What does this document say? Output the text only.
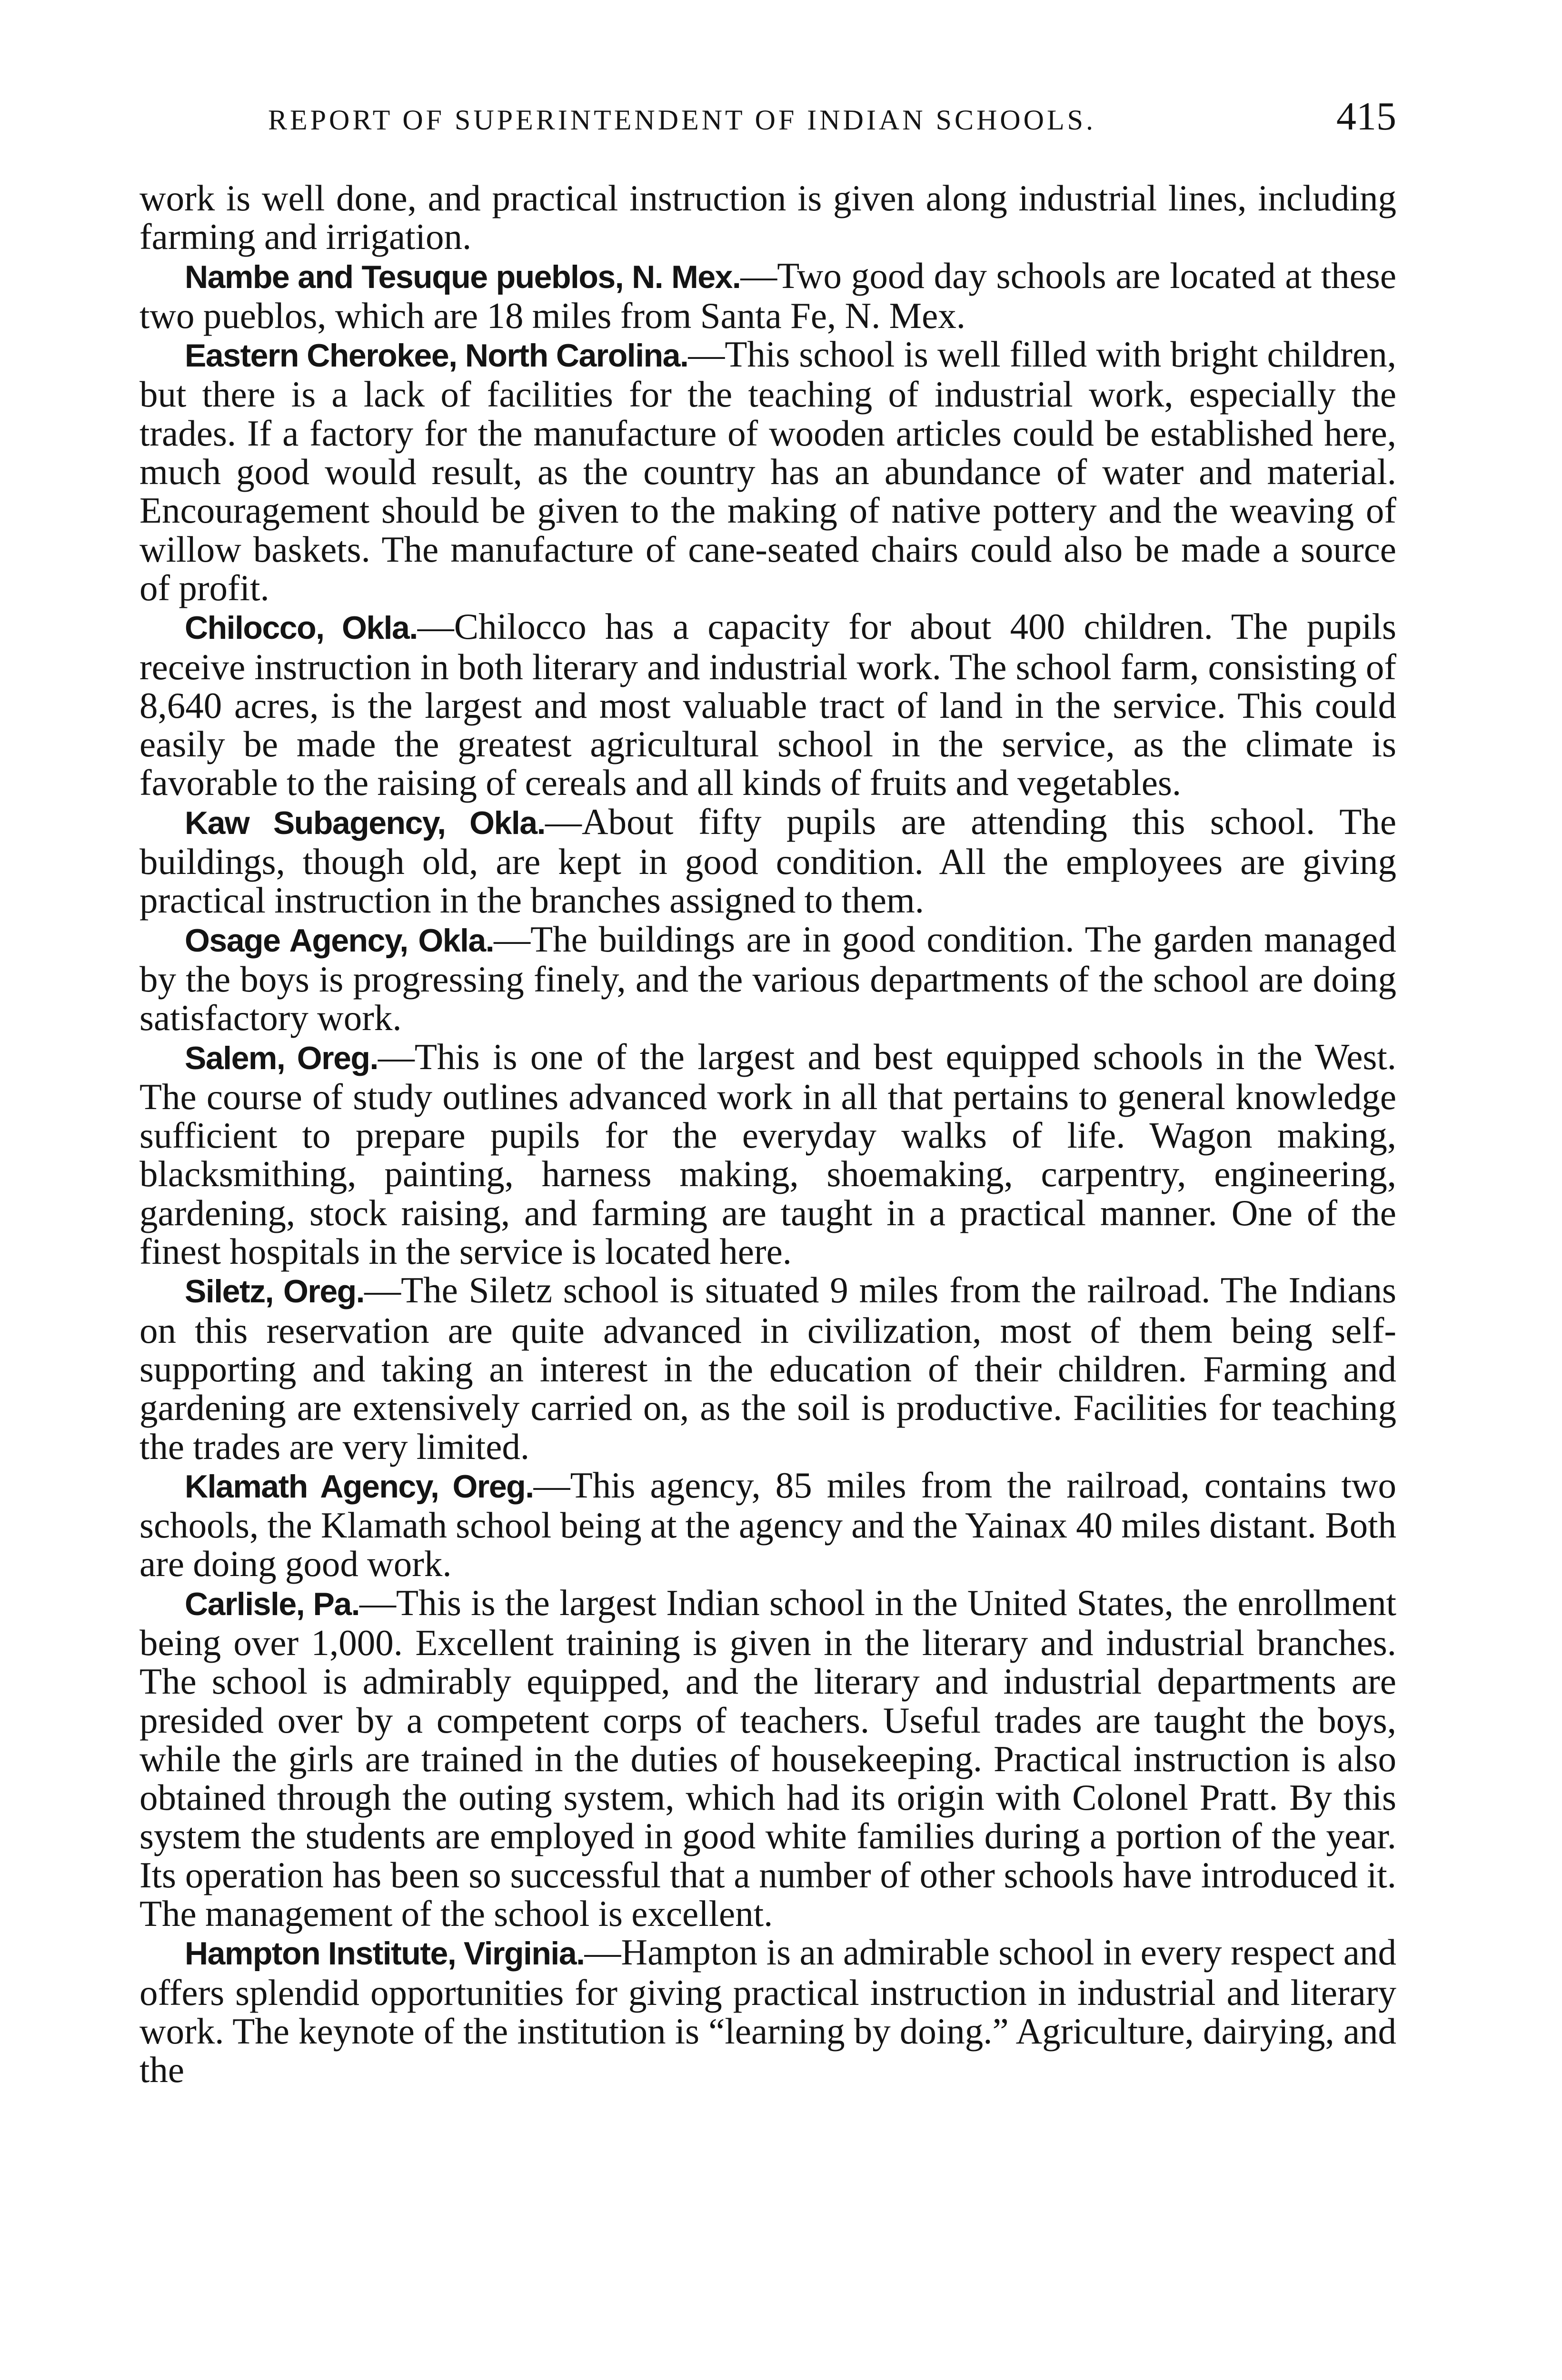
REPORT OF SUPERINTENDENT OF INDIAN SCHOOLS.	415

work is well done, and practical instruction is given along industrial lines, including farming and irrigation.

Nambe and Tesuque pueblos, N. Mex.—Two good day schools are located at these two pueblos, which are 18 miles from Santa Fe, N. Mex.

Eastern Cherokee, North Carolina.—This school is well filled with bright children, but there is a lack of facilities for the teaching of industrial work, especially the trades. If a factory for the manufacture of wooden articles could be established here, much good would result, as the country has an abundance of water and material. Encouragement should be given to the making of native pottery and the weaving of willow baskets. The manufacture of cane-seated chairs could also be made a source of profit.

Chilocco, Okla.—Chilocco has a capacity for about 400 children. The pupils receive instruction in both literary and industrial work. The school farm, consisting of 8,640 acres, is the largest and most valuable tract of land in the service. This could easily be made the greatest agricultural school in the service, as the climate is favorable to the raising of cereals and all kinds of fruits and vegetables.

Kaw Subagency, Okla.—About fifty pupils are attending this school. The buildings, though old, are kept in good condition. All the employees are giving practical instruction in the branches assigned to them.

Osage Agency, Okla.—The buildings are in good condition. The garden managed by the boys is progressing finely, and the various departments of the school are doing satisfactory work.

Salem, Oreg.—This is one of the largest and best equipped schools in the West. The course of study outlines advanced work in all that pertains to general knowledge sufficient to prepare pupils for the everyday walks of life. Wagon making, blacksmithing, painting, harness making, shoemaking, carpentry, engineering, gardening, stock raising, and farming are taught in a practical manner. One of the finest hospitals in the service is located here.

Siletz, Oreg.—The Siletz school is situated 9 miles from the railroad. The Indians on this reservation are quite advanced in civilization, most of them being self-supporting and taking an interest in the education of their children. Farming and gardening are extensively carried on, as the soil is productive. Facilities for teaching the trades are very limited.

Klamath Agency, Oreg.—This agency, 85 miles from the railroad, contains two schools, the Klamath school being at the agency and the Yainax 40 miles distant. Both are doing good work.

Carlisle, Pa.—This is the largest Indian school in the United States, the enrollment being over 1,000. Excellent training is given in the literary and industrial branches. The school is admirably equipped, and the literary and industrial departments are presided over by a competent corps of teachers. Useful trades are taught the boys, while the girls are trained in the duties of housekeeping. Practical instruction is also obtained through the outing system, which had its origin with Colonel Pratt. By this system the students are employed in good white families during a portion of the year. Its operation has been so successful that a number of other schools have introduced it. The management of the school is excellent.

Hampton Institute, Virginia.—Hampton is an admirable school in every respect and offers splendid opportunities for giving practical instruction in industrial and literary work. The keynote of the institution is “learning by doing.” Agriculture, dairying, and the
